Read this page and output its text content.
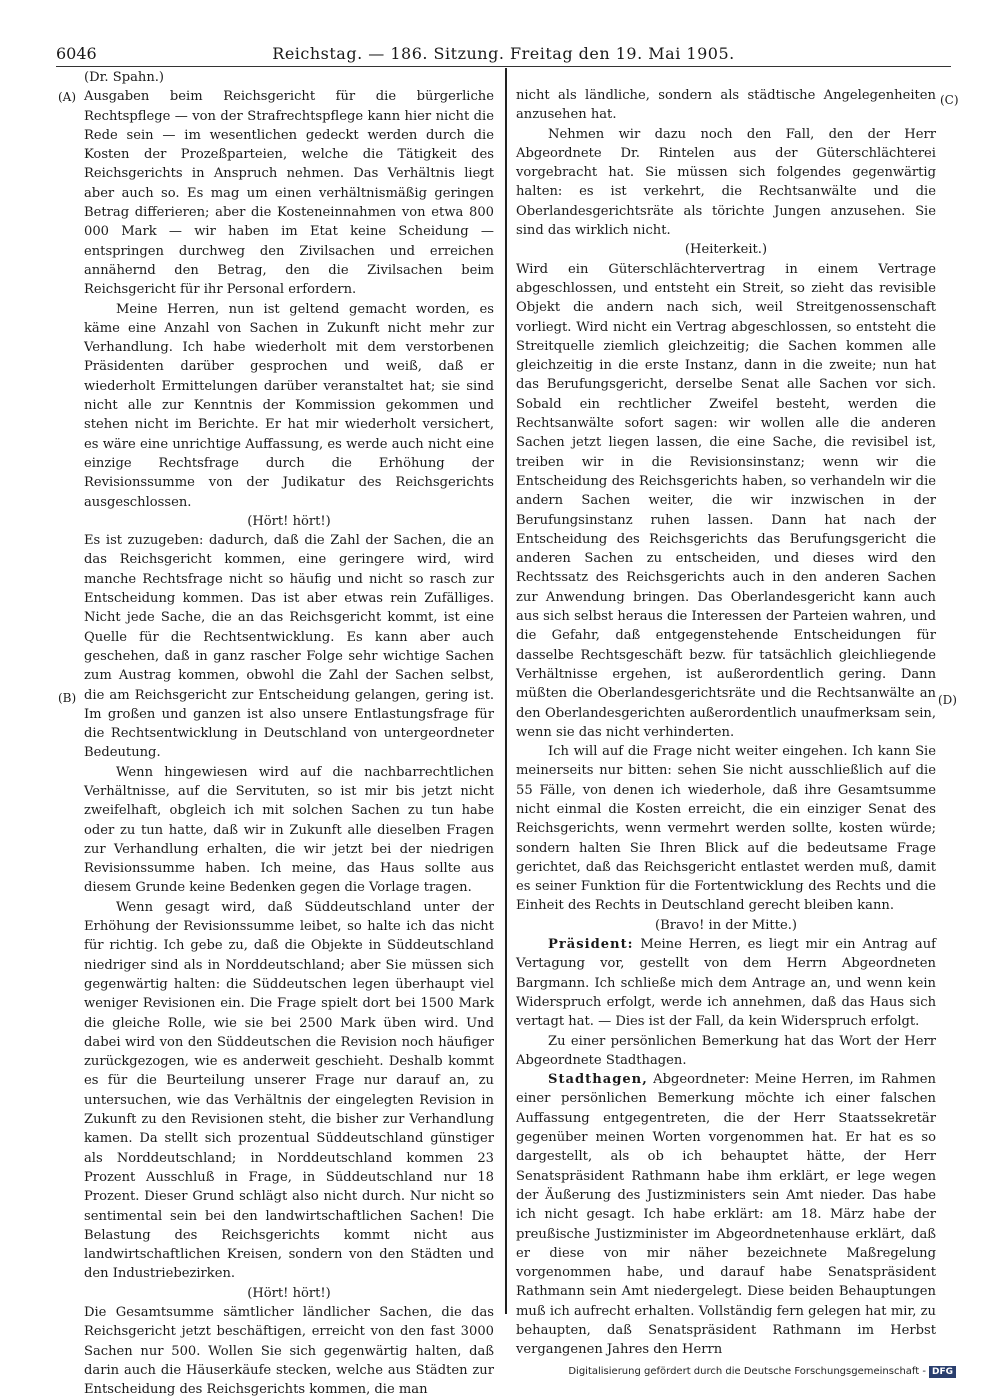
6046	Reichstag. — 186. Sitzung. Freitag den 19. Mai 1905.
(A)
(B)
(C)
(D)

(Dr. Spahn.)

Ausgaben beim Reichsgericht für die bürgerliche Rechtspflege — von der Strafrechtspflege kann hier nicht die Rede sein — im wesentlichen gedeckt werden durch die Kosten der Prozeßparteien, welche die Tätigkeit des Reichsgerichts in Anspruch nehmen. Das Verhältnis liegt aber auch so. Es mag um einen verhältnismäßig geringen Betrag differieren; aber die Kosteneinnahmen von etwa 800 000 Mark — wir haben im Etat keine Scheidung — entspringen durchweg den Zivilsachen und erreichen annähernd den Betrag, den die Zivilsachen beim Reichsgericht für ihr Personal erfordern.

Meine Herren, nun ist geltend gemacht worden, es käme eine Anzahl von Sachen in Zukunft nicht mehr zur Verhandlung. Ich habe wiederholt mit dem verstorbenen Präsidenten darüber gesprochen und weiß, daß er wiederholt Ermittelungen darüber veranstaltet hat; sie sind nicht alle zur Kenntnis der Kommission gekommen und stehen nicht im Berichte. Er hat mir wiederholt versichert, es wäre eine unrichtige Auffassung, es werde auch nicht eine einzige Rechtsfrage durch die Erhöhung der Revisionssumme von der Judikatur des Reichsgerichts ausgeschlossen.

(Hört! hört!)

Es ist zuzugeben: dadurch, daß die Zahl der Sachen, die an das Reichsgericht kommen, eine geringere wird, wird manche Rechtsfrage nicht so häufig und nicht so rasch zur Entscheidung kommen. Das ist aber etwas rein Zufälliges. Nicht jede Sache, die an das Reichsgericht kommt, ist eine Quelle für die Rechtsentwicklung. Es kann aber auch geschehen, daß in ganz rascher Folge sehr wichtige Sachen zum Austrag kommen, obwohl die Zahl der Sachen selbst, die am Reichsgericht zur Entscheidung gelangen, gering ist. Im großen und ganzen ist also unsere Entlastungsfrage für die Rechtsentwicklung in Deutschland von untergeordneter Bedeutung.

Wenn hingewiesen wird auf die nachbarrechtlichen Verhältnisse, auf die Servituten, so ist mir bis jetzt nicht zweifelhaft, obgleich ich mit solchen Sachen zu tun habe oder zu tun hatte, daß wir in Zukunft alle dieselben Fragen zur Verhandlung erhalten, die wir jetzt bei der niedrigen Revisionssumme haben. Ich meine, das Haus sollte aus diesem Grunde keine Bedenken gegen die Vorlage tragen.

Wenn gesagt wird, daß Süddeutschland unter der Erhöhung der Revisionssumme leibet, so halte ich das nicht für richtig. Ich gebe zu, daß die Objekte in Süddeutschland niedriger sind als in Norddeutschland; aber Sie müssen sich gegenwärtig halten: die Süddeutschen legen überhaupt viel weniger Revisionen ein. Die Frage spielt dort bei 1500 Mark die gleiche Rolle, wie sie bei 2500 Mark üben wird. Und dabei wird von den Süddeutschen die Revision noch häufiger zurückgezogen, wie es anderweit geschieht. Deshalb kommt es für die Beurteilung unserer Frage nur darauf an, zu untersuchen, wie das Verhältnis der eingelegten Revision in Zukunft zu den Revisionen steht, die bisher zur Verhandlung kamen. Da stellt sich prozentual Süddeutschland günstiger als Norddeutschland; in Norddeutschland kommen 23 Prozent Ausschluß in Frage, in Süddeutschland nur 18 Prozent. Dieser Grund schlägt also nicht durch. Nur nicht so sentimental sein bei den landwirtschaftlichen Sachen! Die Belastung des Reichsgerichts kommt nicht aus landwirtschaftlichen Kreisen, sondern von den Städten und den Industriebezirken.

(Hört! hört!)

Die Gesamtsumme sämtlicher ländlicher Sachen, die das Reichsgericht jetzt beschäftigen, erreicht von den fast 3000 Sachen nur 500. Wollen Sie sich gegenwärtig halten, daß darin auch die Häuserkäufe stecken, welche aus Städten zur Entscheidung des Reichsgerichts kommen, die man

nicht als ländliche, sondern als städtische Angelegenheiten anzusehen hat.

Nehmen wir dazu noch den Fall, den der Herr Abgeordnete Dr. Rintelen aus der Güterschlächterei vorgebracht hat. Sie müssen sich folgendes gegenwärtig halten: es ist verkehrt, die Rechtsanwälte und die Oberlandesgerichtsräte als törichte Jungen anzusehen. Sie sind das wirklich nicht.

(Heiterkeit.)

Wird ein Güterschlächtervertrag in einem Vertrage abgeschlossen, und entsteht ein Streit, so zieht das revisible Objekt die andern nach sich, weil Streitgenossenschaft vorliegt. Wird nicht ein Vertrag abgeschlossen, so entsteht die Streitquelle ziemlich gleichzeitig; die Sachen kommen alle gleichzeitig in die erste Instanz, dann in die zweite; nun hat das Berufungsgericht, derselbe Senat alle Sachen vor sich. Sobald ein rechtlicher Zweifel besteht, werden die Rechtsanwälte sofort sagen: wir wollen alle die anderen Sachen jetzt liegen lassen, die eine Sache, die revisibel ist, treiben wir in die Revisionsinstanz; wenn wir die Entscheidung des Reichsgerichts haben, so verhandeln wir die andern Sachen weiter, die wir inzwischen in der Berufungsinstanz ruhen lassen. Dann hat nach der Entscheidung des Reichsgerichts das Berufungsgericht die anderen Sachen zu entscheiden, und dieses wird den Rechtssatz des Reichsgerichts auch in den anderen Sachen zur Anwendung bringen. Das Oberlandesgericht kann auch aus sich selbst heraus die Interessen der Parteien wahren, und die Gefahr, daß entgegenstehende Entscheidungen für dasselbe Rechtsgeschäft bezw. für tatsächlich gleichliegende Verhältnisse ergehen, ist außerordentlich gering. Dann müßten die Oberlandesgerichtsräte und die Rechtsanwälte an den Oberlandesgerichten außerordentlich unaufmerksam sein, wenn sie das nicht verhinderten.

Ich will auf die Frage nicht weiter eingehen. Ich kann Sie meinerseits nur bitten: sehen Sie nicht ausschließlich auf die 55 Fälle, von denen ich wiederhole, daß ihre Gesamtsumme nicht einmal die Kosten erreicht, die ein einziger Senat des Reichsgerichts, wenn vermehrt werden sollte, kosten würde; sondern halten Sie Ihren Blick auf die bedeutsame Frage gerichtet, daß das Reichsgericht entlastet werden muß, damit es seiner Funktion für die Fortentwicklung des Rechts und die Einheit des Rechts in Deutschland gerecht bleiben kann.

(Bravo! in der Mitte.)

Präsident: Meine Herren, es liegt mir ein Antrag auf Vertagung vor, gestellt von dem Herrn Abgeordneten Bargmann. Ich schließe mich dem Antrage an, und wenn kein Widerspruch erfolgt, werde ich annehmen, daß das Haus sich vertagt hat. — Dies ist der Fall, da kein Widerspruch erfolgt.

Zu einer persönlichen Bemerkung hat das Wort der Herr Abgeordnete Stadthagen.

Stadthagen, Abgeordneter: Meine Herren, im Rahmen einer persönlichen Bemerkung möchte ich einer falschen Auffassung entgegentreten, die der Herr Staatssekretär gegenüber meinen Worten vorgenommen hat. Er hat es so dargestellt, als ob ich behauptet hätte, der Herr Senatspräsident Rathmann habe ihm erklärt, er lege wegen der Äußerung des Justizministers sein Amt nieder. Das habe ich nicht gesagt. Ich habe erklärt: am 18. März habe der preußische Justizminister im Abgeordnetenhause erklärt, daß er diese von mir näher bezeichnete Maßregelung vorgenommen habe, und darauf habe Senatspräsident Rathmann sein Amt niedergelegt. Diese beiden Behauptungen muß ich aufrecht erhalten. Vollständig fern gelegen hat mir, zu behaupten, daß Senatspräsident Rathmann im Herbst vergangenen Jahres den Herrn

Digitalisierung gefördert durch die Deutsche Forschungsgemeinschaft - DFG
